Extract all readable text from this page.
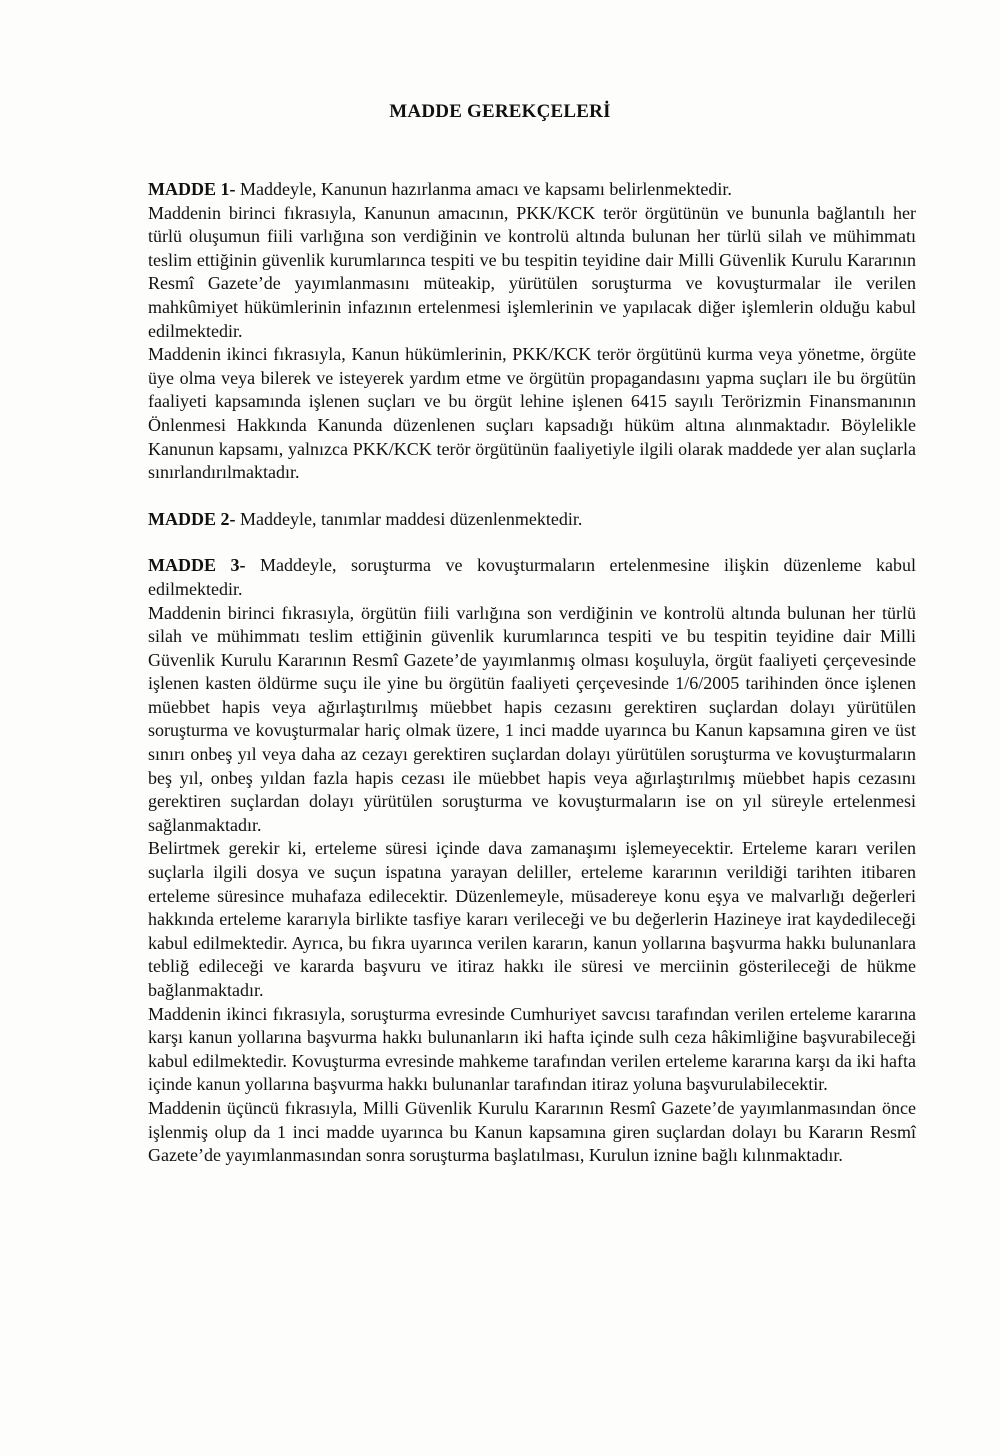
MADDE GEREKÇELERİ

MADDE 1- Maddeyle, Kanunun hazırlanma amacı ve kapsamı belirlenmektedir.

Maddenin birinci fıkrasıyla, Kanunun amacının, PKK/KCK terör örgütünün ve bununla bağlantılı her türlü oluşumun fiili varlığına son verdiğinin ve kontrolü altında bulunan her türlü silah ve mühimmatı teslim ettiğinin güvenlik kurumlarınca tespiti ve bu tespitin teyidine dair Milli Güvenlik Kurulu Kararının Resmî Gazete’de yayımlanmasını müteakip, yürütülen soruşturma ve kovuşturmalar ile verilen mahkûmiyet hükümlerinin infazının ertelenmesi işlemlerinin ve yapılacak diğer işlemlerin olduğu kabul edilmektedir.

Maddenin ikinci fıkrasıyla, Kanun hükümlerinin, PKK/KCK terör örgütünü kurma veya yönetme, örgüte üye olma veya bilerek ve isteyerek yardım etme ve örgütün propagandasını yapma suçları ile bu örgütün faaliyeti kapsamında işlenen suçları ve bu örgüt lehine işlenen 6415 sayılı Terörizmin Finansmanının Önlenmesi Hakkında Kanunda düzenlenen suçları kapsadığı hüküm altına alınmaktadır. Böylelikle Kanunun kapsamı, yalnızca PKK/KCK terör örgütünün faaliyetiyle ilgili olarak maddede yer alan suçlarla sınırlandırılmaktadır.

MADDE 2- Maddeyle, tanımlar maddesi düzenlenmektedir.

MADDE 3- Maddeyle, soruşturma ve kovuşturmaların ertelenmesine ilişkin düzenleme kabul edilmektedir.

Maddenin birinci fıkrasıyla, örgütün fiili varlığına son verdiğinin ve kontrolü altında bulunan her türlü silah ve mühimmatı teslim ettiğinin güvenlik kurumlarınca tespiti ve bu tespitin teyidine dair Milli Güvenlik Kurulu Kararının Resmî Gazete’de yayımlanmış olması koşuluyla, örgüt faaliyeti çerçevesinde işlenen kasten öldürme suçu ile yine bu örgütün faaliyeti çerçevesinde 1/6/2005 tarihinden önce işlenen müebbet hapis veya ağırlaştırılmış müebbet hapis cezasını gerektiren suçlardan dolayı yürütülen soruşturma ve kovuşturmalar hariç olmak üzere, 1 inci madde uyarınca bu Kanun kapsamına giren ve üst sınırı onbeş yıl veya daha az cezayı gerektiren suçlardan dolayı yürütülen soruşturma ve kovuşturmaların beş yıl, onbeş yıldan fazla hapis cezası ile müebbet hapis veya ağırlaştırılmış müebbet hapis cezasını gerektiren suçlardan dolayı yürütülen soruşturma ve kovuşturmaların ise on yıl süreyle ertelenmesi sağlanmaktadır.

Belirtmek gerekir ki, erteleme süresi içinde dava zamanaşımı işlemeyecektir. Erteleme kararı verilen suçlarla ilgili dosya ve suçun ispatına yarayan deliller, erteleme kararının verildiği tarihten itibaren erteleme süresince muhafaza edilecektir. Düzenlemeyle, müsadereye konu eşya ve malvarlığı değerleri hakkında erteleme kararıyla birlikte tasfiye kararı verileceği ve bu değerlerin Hazineye irat kaydedileceği kabul edilmektedir. Ayrıca, bu fıkra uyarınca verilen kararın, kanun yollarına başvurma hakkı bulunanlara tebliğ edileceği ve kararda başvuru ve itiraz hakkı ile süresi ve merciinin gösterileceği de hükme bağlanmaktadır.

Maddenin ikinci fıkrasıyla, soruşturma evresinde Cumhuriyet savcısı tarafından verilen erteleme kararına karşı kanun yollarına başvurma hakkı bulunanların iki hafta içinde sulh ceza hâkimliğine başvurabileceği kabul edilmektedir. Kovuşturma evresinde mahkeme tarafından verilen erteleme kararına karşı da iki hafta içinde kanun yollarına başvurma hakkı bulunanlar tarafından itiraz yoluna başvurulabilecektir.

Maddenin üçüncü fıkrasıyla, Milli Güvenlik Kurulu Kararının Resmî Gazete’de yayımlanmasından önce işlenmiş olup da 1 inci madde uyarınca bu Kanun kapsamına giren suçlardan dolayı bu Kararın Resmî Gazete’de yayımlanmasından sonra soruşturma başlatılması, Kurulun iznine bağlı kılınmaktadır.
